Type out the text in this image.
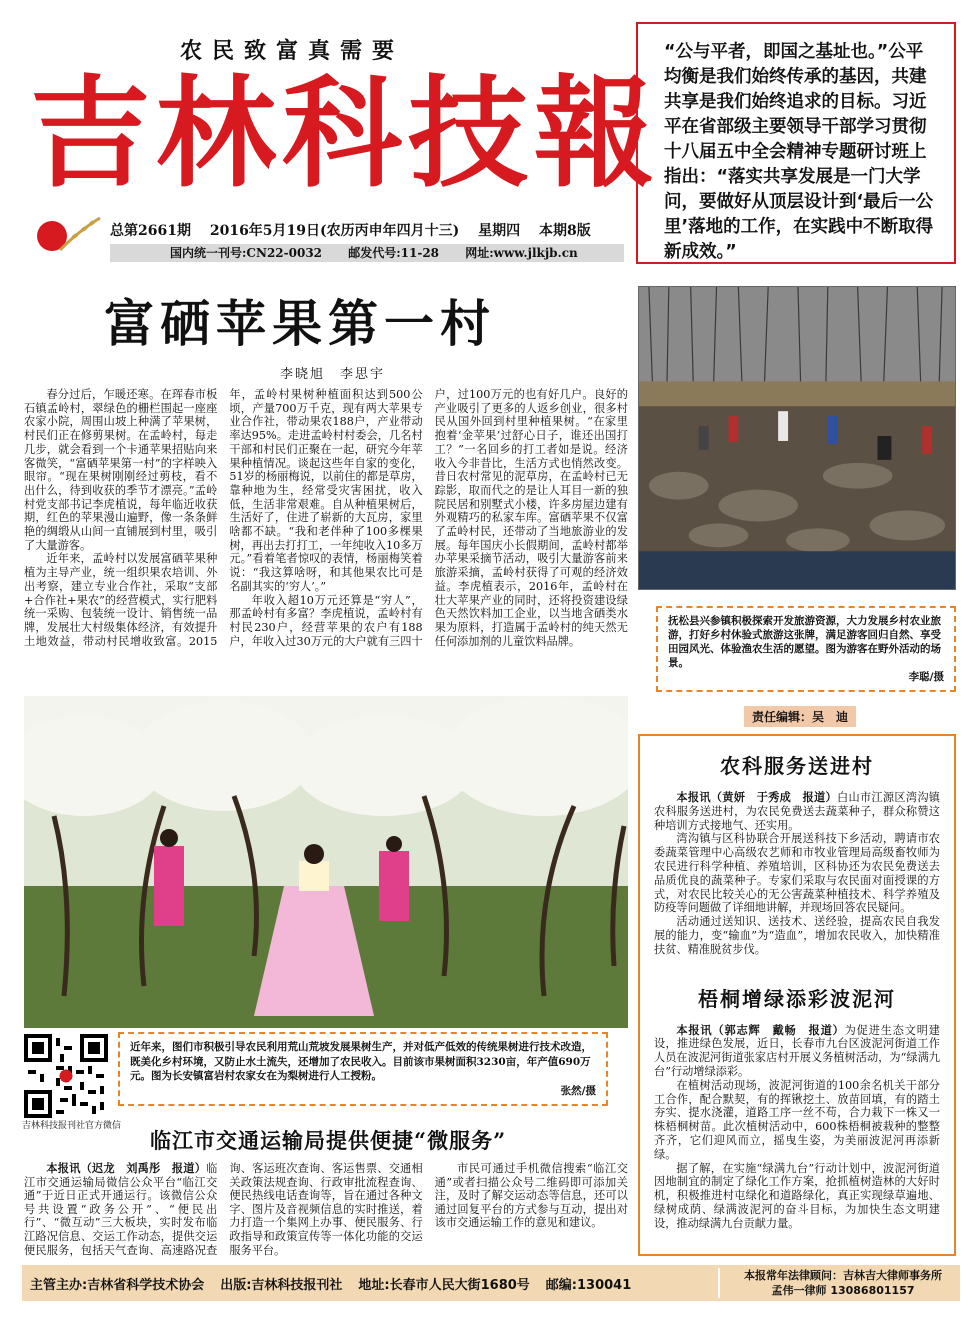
农民致富真需要
吉林科技報
总第2661期 2016年5月19日(农历丙申年四月十三) 星期四 本期8版
国内统一刊号:CN22-0032 邮发代号:11-28 网址:www.jlkjb.cn
“公与平者，即国之基址也。”公平均衡是我们始终传承的基因，共建共享是我们始终追求的目标。习近平在省部级主要领导干部学习贯彻十八届五中全会精神专题研讨班上指出：“落实共享发展是一门大学问，要做好从顶层设计到‘最后一公里’落地的工作，在实践中不断取得新成效。”
富硒苹果第一村
李晓旭　李思宇

春分过后，乍暖还寒。在珲春市板石镇孟岭村，翠绿色的栅栏围起一座座农家小院，周围山坡上种满了苹果树，村民们正在修剪果树。在孟岭村，每走几步，就会看到一个卡通苹果招贴向来客微笑，“富硒苹果第一村”的字样映入眼帘。“现在果树刚刚经过剪枝，看不出什么，待到收获的季节才漂亮。”孟岭村党支部书记李虎植说，每年临近收获期，红色的苹果漫山遍野，像一条条鲜艳的绸缎从山间一直铺展到村里，吸引了大量游客。

近年来，孟岭村以发展富硒苹果种植为主导产业，统一组织果农培训、外出考察，建立专业合作社，采取“支部+合作社+果农”的经营模式，实行肥料统一采购、包装统一设计、销售统一品牌，发展壮大村级集体经济，有效提升土地效益，带动村民增收致富。2015年，孟岭村果树种植面积达到500公顷，产量700万千克，现有两大苹果专业合作社，带动果农188户，产业带动率达95%。走进孟岭村村委会，几名村干部和村民们正聚在一起，研究今年苹果种植情况。谈起这些年自家的变化，51岁的杨丽梅说，以前住的都是草房，靠种地为生，经常受灾害困扰，收入低，生活非常艰难。自从种植果树后，生活好了，住进了崭新的大瓦房，家里啥都不缺。“我和老伴种了100多棵果树，再出去打打工，一年纯收入10多万元。”看着笔者惊叹的表情，杨丽梅笑着说：“我这算啥呀，和其他果农比可是名副其实的‘穷人’。”

年收入超10万元还算是“穷人”，那孟岭村有多富？李虎植说，孟岭村有村民230户，经营苹果的农户有188户，年收入过30万元的大户就有三四十户，过100万元的也有好几户。良好的产业吸引了更多的人返乡创业，很多村民从国外回到村里种植果树。“在家里抱着‘金苹果’过舒心日子，谁还出国打工？”一名回乡的打工者如是说。经济收入今非昔比，生活方式也悄然改变。昔日农村常见的泥草房，在孟岭村已无踪影，取而代之的是让人耳目一新的独院民居和别墅式小楼，许多房屋边建有外观精巧的私家车库。富硒苹果不仅富了孟岭村民，还带动了当地旅游业的发展。每年国庆小长假期间，孟岭村都举办苹果采摘节活动，吸引大量游客前来旅游采摘，孟岭村获得了可观的经济效益。李虎植表示，2016年，孟岭村在壮大苹果产业的同时，还将投资建设绿色天然饮料加工企业，以当地含硒类水果为原料，打造属于孟岭村的纯天然无任何添加剂的儿童饮料品牌。

抚松县兴参镇积极探索开发旅游资源，大力发展乡村农业旅游，打好乡村休验式旅游这张牌，满足游客回归自然、享受田园风光、体验渔农生活的愿望。图为游客在野外活动的场景。
李聪/摄
责任编辑：吴　迪
近年来，图们市积极引导农民利用荒山荒坡发展果树生产，并对低产低效的传统果树进行技术改造，既美化乡村环境，又防止水土流失，还增加了农民收入。目前该市果树面积3230亩，年产值690万元。图为长安镇富岩村农家女在为梨树进行人工授粉。
张然/摄
吉林科技报刊社官方微信
临江市交通运输局提供便捷“微服务”

本报讯（迟龙　刘禹彤　报道）临江市交通运输局微信公众平台“临江交通”于近日正式开通运行。该微信公众号共设置“政务公开”、“便民出行”、“微互动”三大板块，实时发布临江路况信息、交运工作动态，提供交运便民服务，包括天气查询、高速路况查询、客运班次查询、客运售票、交通相关政策法规查询、行政审批流程查询、便民热线电话查询等，旨在通过各种文字、图片及音视频信息的实时推送，着力打造一个集网上办事、便民服务、行政指导和政策宣传等一体化功能的交运服务平台。

市民可通过手机微信搜索“临江交通”或者扫描公众号二维码即可添加关注，及时了解交运动态等信息，还可以通过回复平台的方式参与互动，提出对该市交通运输工作的意见和建议。

农科服务送进村

本报讯（黄妍　于秀成　报道）白山市江源区湾沟镇农科服务送进村，为农民免费送去蔬菜种子，群众称赞这种培训方式接地气、还实用。

湾沟镇与区科协联合开展送科技下乡活动，聘请市农委蔬菜管理中心高级农艺师和市牧业管理局高级畜牧师为农民进行科学种植、养殖培训，区科协还为农民免费送去品质优良的蔬菜种子。专家们采取与农民面对面授课的方式，对农民比较关心的无公害蔬菜种植技术、科学养殖及防疫等问题做了详细地讲解，并现场回答农民疑问。

活动通过送知识、送技术、送经验，提高农民自我发展的能力，变“输血”为“造血”，增加农民收入，加快精准扶贫、精准脱贫步伐。

梧桐增绿添彩波泥河

本报讯（郭志辉　戴畅　报道）为促进生态文明建设，推进绿色发展，近日，长春市九台区波泥河街道工作人员在波泥河街道张家店村开展义务植树活动，为“绿满九台”行动增绿添彩。

在植树活动现场，波泥河街道的100余名机关干部分工合作，配合默契，有的挥锹挖土、放苗回填，有的踏土夯实、提水浇灌，道路工序一丝不苟，合力栽下一株又一株梧桐树苗。此次植树活动中，600株梧桐被栽种的整整齐齐，它们迎风而立，摇曳生姿，为美丽波泥河再添新绿。

据了解，在实施“绿满九台”行动计划中，波泥河街道因地制宜的制定了绿化工作方案，抢抓植树造林的大好时机，积极推进村屯绿化和道路绿化，真正实现绿草遍地、绿树成荫、绿满波泥河的奋斗目标，为加快生态文明建设，推动绿满九台贡献力量。

主管主办:吉林省科学技术协会 出版:吉林科技报刊社 地址:长春市人民大街1680号 邮编:130041
本报常年法律顾问：吉林吉大律师事务所
孟伟一律师 13086801157
